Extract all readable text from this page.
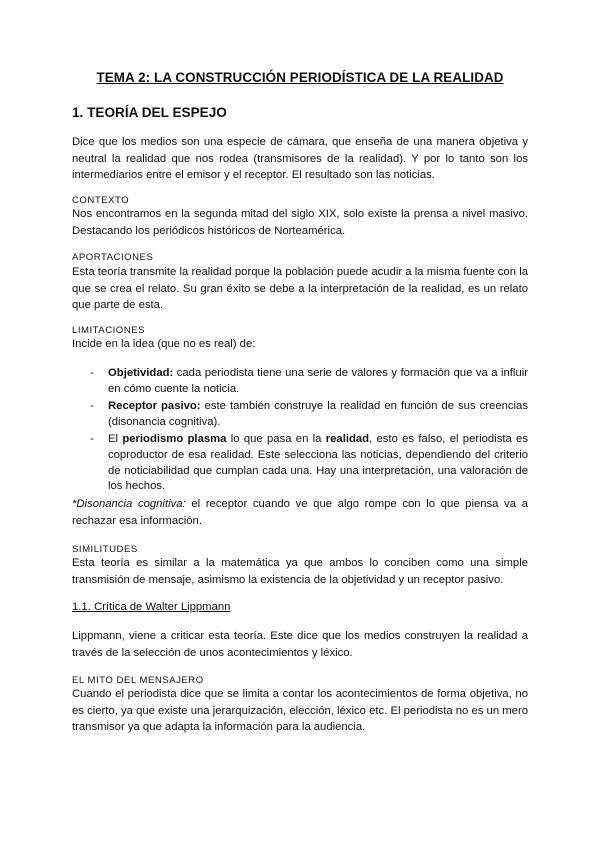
TEMA 2: LA CONSTRUCCIÓN PERIODÍSTICA DE LA REALIDAD
1. TEORÍA DEL ESPEJO
Dice que los medios son una especie de cámara, que enseña de una manera objetiva y neutral la realidad que nos rodea (transmisores de la realidad). Y por lo tanto son los intermediarios entre el emisor y el receptor. El resultado son las noticias.
CONTEXTO
Nos encontramos en la segunda mitad del siglo XIX, solo existe la prensa a nivel masivo. Destacando los periódicos históricos de Norteamérica.
APORTACIONES
Esta teoría transmite la realidad porque la población puede acudir a la misma fuente con la que se crea el relato. Su gran éxito se debe a la interpretación de la realidad, es un relato que parte de esta.
LIMITACIONES
Incide en la idea (que no es real) de:
- Objetividad: cada periodista tiene una serie de valores y formación que va a influir en cómo cuente la noticia.
- Receptor pasivo: este también construye la realidad en función de sus creencias (disonancia cognitiva).
- El periodismo plasma lo que pasa en la realidad, esto es falso, el periodista es coproductor de esa realidad. Este selecciona las noticias, dependiendo del criterio de noticiabilidad que cumplan cada una. Hay una interpretación, una valoración de los hechos.
*Disonancia cognitiva: el receptor cuando ve que algo rompe con lo que piensa va a rechazar esa información.
SIMILITUDES
Esta teoría es similar a la matemática ya que ambos lo conciben como una simple transmisión de mensaje, asimismo la existencia de la objetividad y un receptor pasivo.
1.1. Crítica de Walter Lippmann
Lippmann, viene a criticar esta teoría. Este dice que los medios construyen la realidad a través de la selección de unos acontecimientos y léxico.
EL MITO DEL MENSAJERO
Cuando el periodista dice que se limita a contar los acontecimientos de forma objetiva, no es cierto, ya que existe una jerarquización, elección, léxico etc. El periodista no es un mero transmisor ya que adapta la información para la audiencia.
